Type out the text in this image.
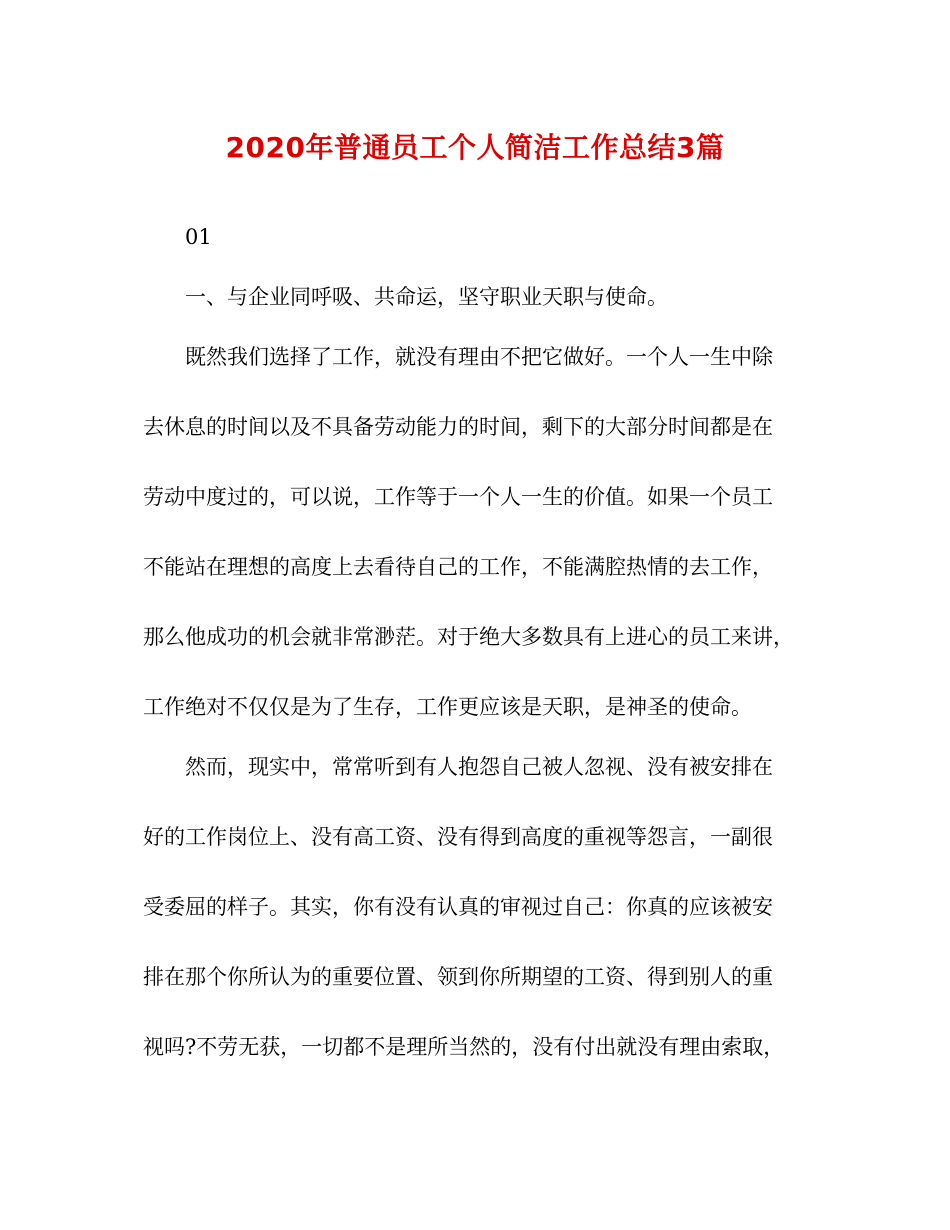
2020年普通员工个人简洁工作总结3篇
01
一、与企业同呼吸、共命运，坚守职业天职与使命。
既然我们选择了工作，就没有理由不把它做好。一个人一生中除
去休息的时间以及不具备劳动能力的时间，剩下的大部分时间都是在
劳动中度过的，可以说，工作等于一个人一生的价值。如果一个员工
不能站在理想的高度上去看待自己的工作，不能满腔热情的去工作，
那么他成功的机会就非常渺茫。对于绝大多数具有上进心的员工来讲，
工作绝对不仅仅是为了生存，工作更应该是天职，是神圣的使命。
然而，现实中，常常听到有人抱怨自己被人忽视、没有被安排在
好的工作岗位上、没有高工资、没有得到高度的重视等怨言，一副很
受委屈的样子。其实，你有没有认真的审视过自己：你真的应该被安
排在那个你所认为的重要位置、领到你所期望的工资、得到别人的重
视吗?不劳无获，一切都不是理所当然的，没有付出就没有理由索取，
